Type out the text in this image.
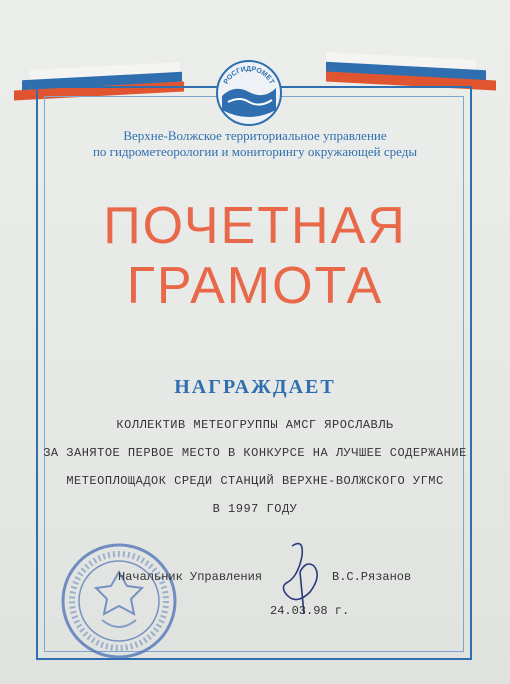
РОСГИДРОМЕТ
Верхне-Волжское территориальное управление
по гидрометеорологии и мониторингу окружающей среды
ПОЧЕТНАЯ
ГРАМОТА
НАГРАЖДАЕТ
КОЛЛЕКТИВ МЕТЕОГРУППЫ АМСГ ЯРОСЛАВЛЬ
ЗА ЗАНЯТОЕ ПЕРВОЕ МЕСТО В КОНКУРСЕ НА ЛУЧШЕЕ СОДЕРЖАНИЕ
МЕТЕОПЛОЩАДОК СРЕДИ СТАНЦИЙ ВЕРХНЕ-ВОЛЖСКОГО УГМС
В 1997 ГОДУ
Начальник Управления	В.С.Рязанов
24.03.98 г.
